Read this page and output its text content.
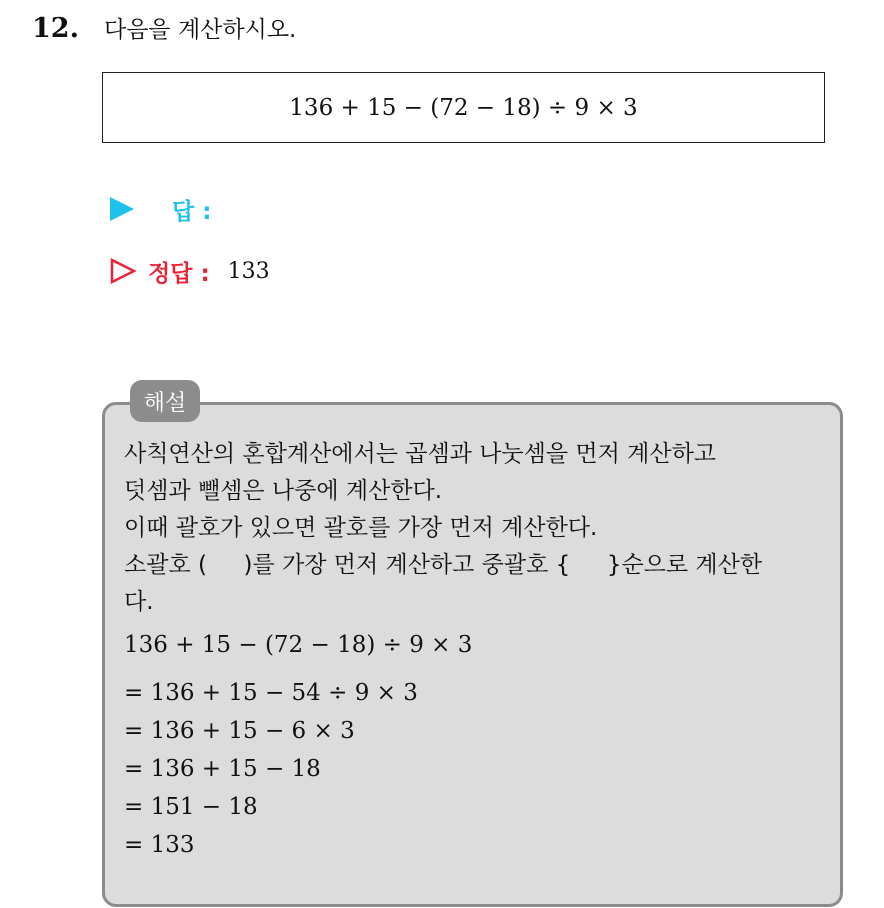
12. 다음을 계산하시오.
136 + 15 − (72 − 18) ÷ 9 × 3
답 :
정답 : 133
해설
사칙연산의 혼합계산에서는 곱셈과 나눗셈을 먼저 계산하고
덧셈과 뺄셈은 나중에 계산한다.
이때 괄호가 있으면 괄호를 가장 먼저 계산한다.
소괄호 (     )를 가장 먼저 계산하고 중괄호 {     }순으로 계산한
다.
136 + 15 − (72 − 18) ÷ 9 × 3
= 136 + 15 − 54 ÷ 9 × 3
= 136 + 15 − 6 × 3
= 136 + 15 − 18
= 151 − 18
= 133
